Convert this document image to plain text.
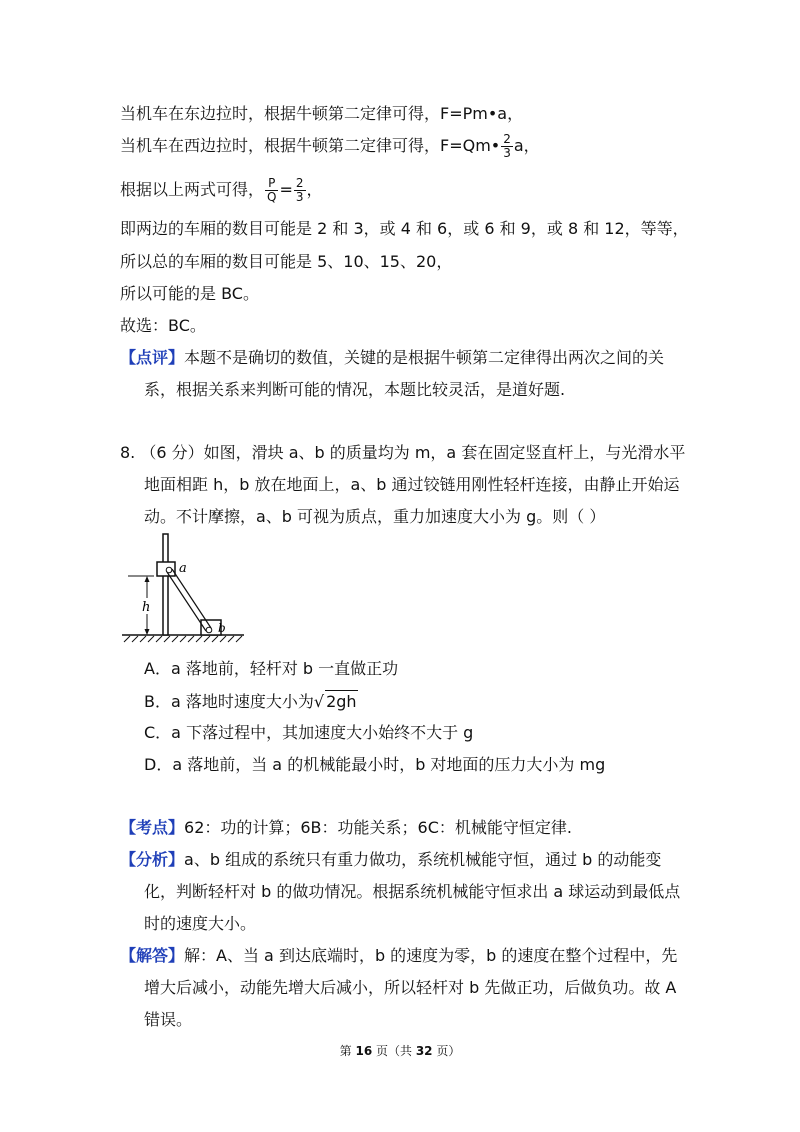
当机车在东边拉时，根据牛顿第二定律可得，F=Pm•a，
当机车在西边拉时，根据牛顿第二定律可得，F=Qm• $\frac{2}{3}$ a，
根据以上两式可得， $\frac{P}{Q} = \frac{2}{3}$ ，
即两边的车厢的数目可能是 2 和 3，或 4 和 6，或 6 和 9，或 8 和 12，等等，
所以总的车厢的数目可能是 5、10、15、20，
所以可能的是 BC。
故选：BC。
【点评】本题不是确切的数值，关键的是根据牛顿第二定律得出两次之间的关
系，根据关系来判断可能的情况，本题比较灵活，是道好题.
8. （6 分）如图，滑块 a、b 的质量均为 m，a 套在固定竖直杆上，与光滑水平
地面相距 h，b 放在地面上，a、b 通过铰链用刚性轻杆连接，由静止开始运
动。不计摩擦，a、b 可视为质点，重力加速度大小为 g。则（ ）
h
a
b
A．a 落地前，轻杆对 b 一直做正功
B．a 落地时速度大小为√ 2gh
C．a 下落过程中，其加速度大小始终不大于 g
D．a 落地前，当 a 的机械能最小时，b 对地面的压力大小为 mg
【考点】62：功的计算；6B：功能关系；6C：机械能守恒定律.
【分析】a、b 组成的系统只有重力做功，系统机械能守恒，通过 b 的动能变
化，判断轻杆对 b 的做功情况。根据系统机械能守恒求出 a 球运动到最低点
时的速度大小。
【解答】解：A、当 a 到达底端时，b 的速度为零，b 的速度在整个过程中，先
增大后减小，动能先增大后减小，所以轻杆对 b 先做正功，后做负功。故 A
错误。
第 16 页（共 32 页）
